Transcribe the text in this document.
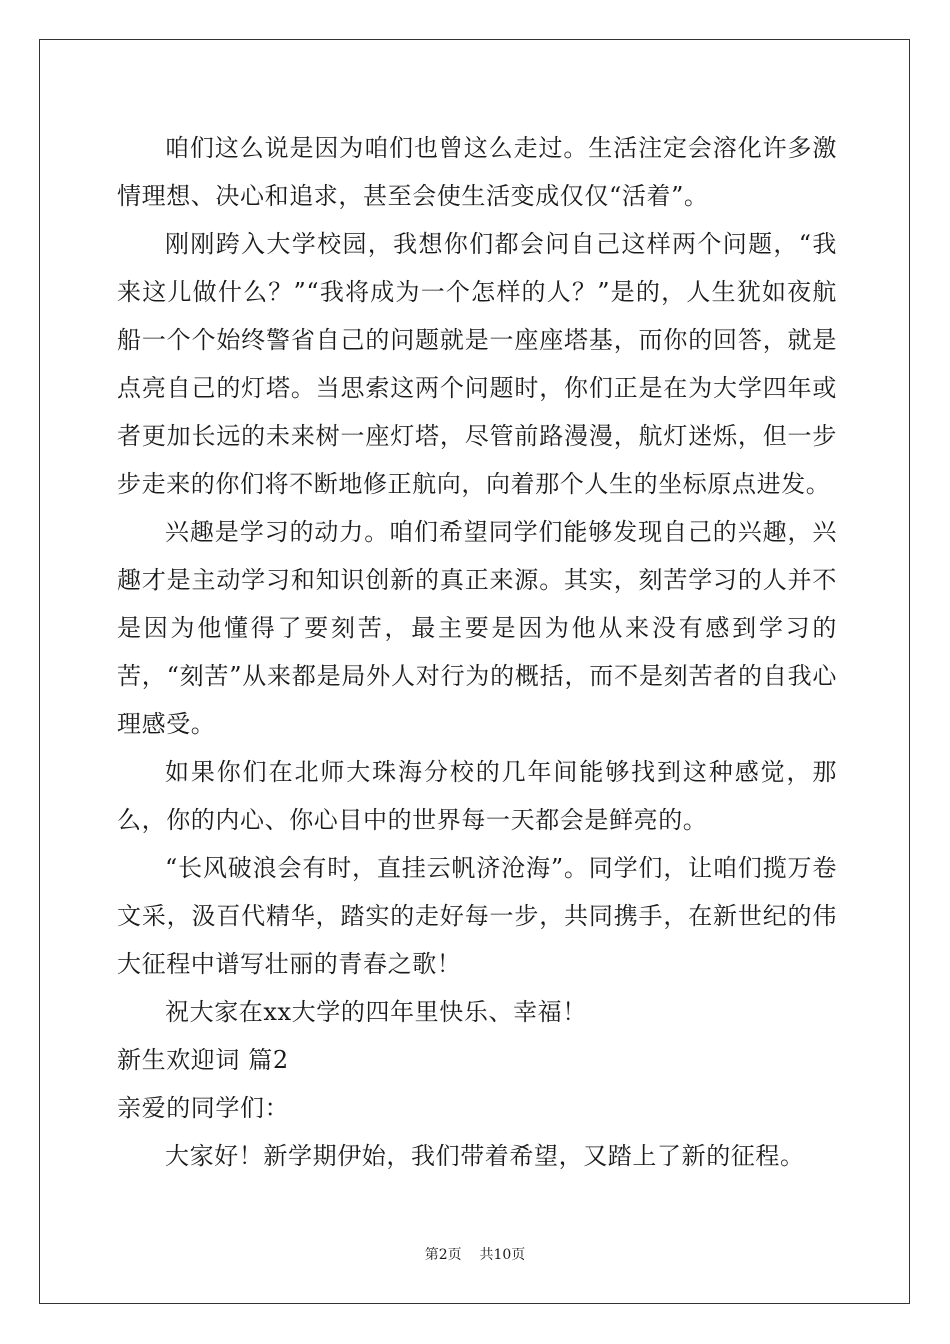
咱们这么说是因为咱们也曾这么走过。生活注定会溶化许多激情理想、决心和追求，甚至会使生活变成仅仅“活着”。

刚刚跨入大学校园，我想你们都会问自己这样两个问题，“我来这儿做什么？”“我将成为一个怎样的人？”是的，人生犹如夜航船一个个始终警省自己的问题就是一座座塔基，而你的回答，就是点亮自己的灯塔。当思索这两个问题时，你们正是在为大学四年或者更加长远的未来树一座灯塔，尽管前路漫漫，航灯迷烁，但一步步走来的你们将不断地修正航向，向着那个人生的坐标原点进发。

兴趣是学习的动力。咱们希望同学们能够发现自己的兴趣，兴趣才是主动学习和知识创新的真正来源。其实，刻苦学习的人并不是因为他懂得了要刻苦，最主要是因为他从来没有感到学习的苦，“刻苦”从来都是局外人对行为的概括，而不是刻苦者的自我心理感受。

如果你们在北师大珠海分校的几年间能够找到这种感觉，那么，你的内心、你心目中的世界每一天都会是鲜亮的。

“长风破浪会有时，直挂云帆济沧海”。同学们，让咱们揽万卷文采，汲百代精华，踏实的走好每一步，共同携手，在新世纪的伟大征程中谱写壮丽的青春之歌！

祝大家在xx大学的四年里快乐、幸福！

新生欢迎词 篇2

亲爱的同学们：

大家好！新学期伊始，我们带着希望，又踏上了新的征程。

第2页 共10页
